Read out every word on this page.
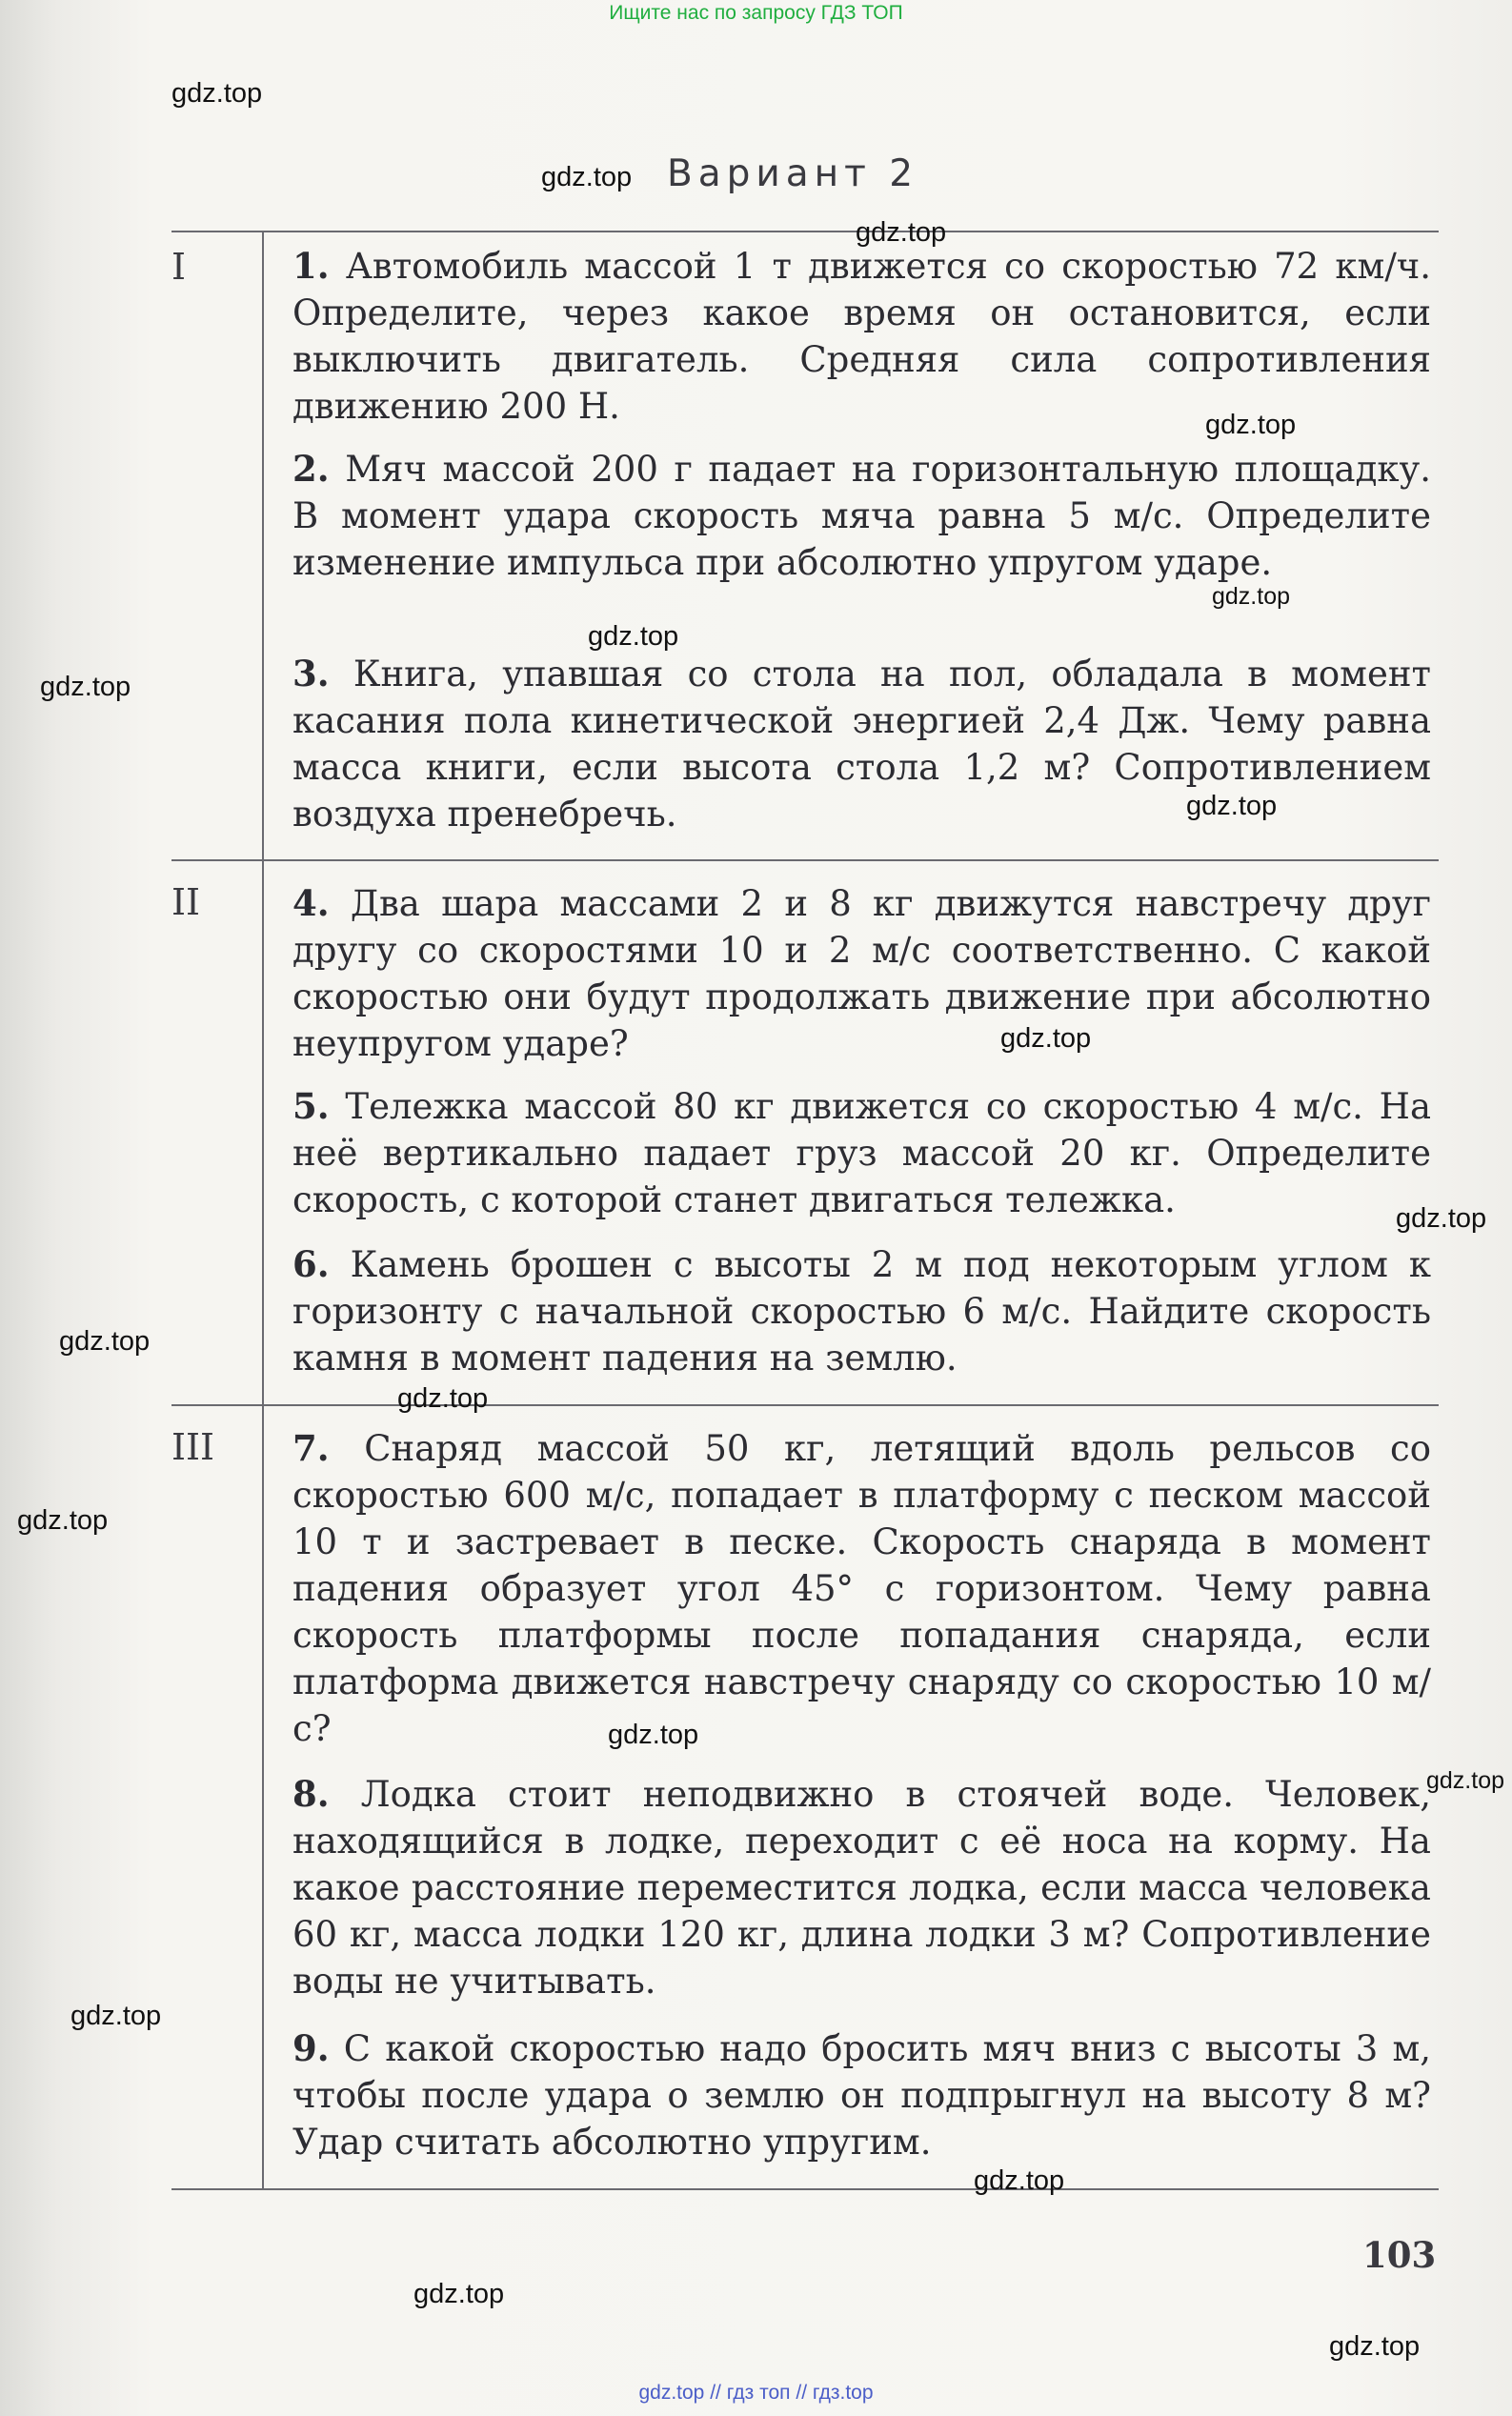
Ищите нас по запросу ГДЗ ТОП
Вариант 2
I
II
III
1. Автомобиль массой 1 т движется со скоростью 72 км/ч. Определите, через какое время он остановится, если выключить двигатель. Средняя сила сопротивления движению 200 Н.
2. Мяч массой 200 г падает на горизонтальную площадку. В момент удара скорость мяча равна 5 м/с. Определите изменение импульса при абсолютно упругом ударе.
3. Книга, упавшая со стола на пол, обладала в момент касания пола кинетической энергией 2,4 Дж. Чему равна масса книги, если высота стола 1,2 м? Сопротивлением воздуха пренебречь.
4. Два шара массами 2 и 8 кг движутся навстречу друг другу со скоростями 10 и 2 м/с соответственно. С какой скоростью они будут продолжать движение при абсолютно неупругом ударе?
5. Тележка массой 80 кг движется со скоростью 4 м/с. На неё вертикально падает груз массой 20 кг. Определите скорость, с которой станет двигаться тележка.
6. Камень брошен с высоты 2 м под некоторым углом к горизонту с начальной скоростью 6 м/с. Найдите скорость камня в момент падения на землю.
7. Снаряд массой 50 кг, летящий вдоль рельсов со скоростью 600 м/с, попадает в платформу с песком массой 10 т и застревает в песке. Скорость снаряда в момент падения образует угол 45° с горизонтом. Чему равна скорость платформы после попадания снаряда, если платформа движется навстречу снаряду со скоростью 10 м/с?
8. Лодка стоит неподвижно в стоячей воде. Человек, находящийся в лодке, переходит с её носа на корму. На какое расстояние переместится лодка, если масса человека 60 кг, масса лодки 120 кг, длина лодки 3 м? Сопротивление воды не учитывать.
9. С какой скоростью надо бросить мяч вниз с высоты 3 м, чтобы после удара о землю он подпрыгнул на высоту 8 м? Удар считать абсолютно упругим.
103
gdz.top
gdz.top
gdz.top
gdz.top
gdz.top
gdz.top
gdz.top
gdz.top
gdz.top
gdz.top
gdz.top
gdz.top
gdz.top
gdz.top
gdz.top
gdz.top
gdz.top
gdz.top
gdz.top
gdz.top // гдз топ // гдз.top
